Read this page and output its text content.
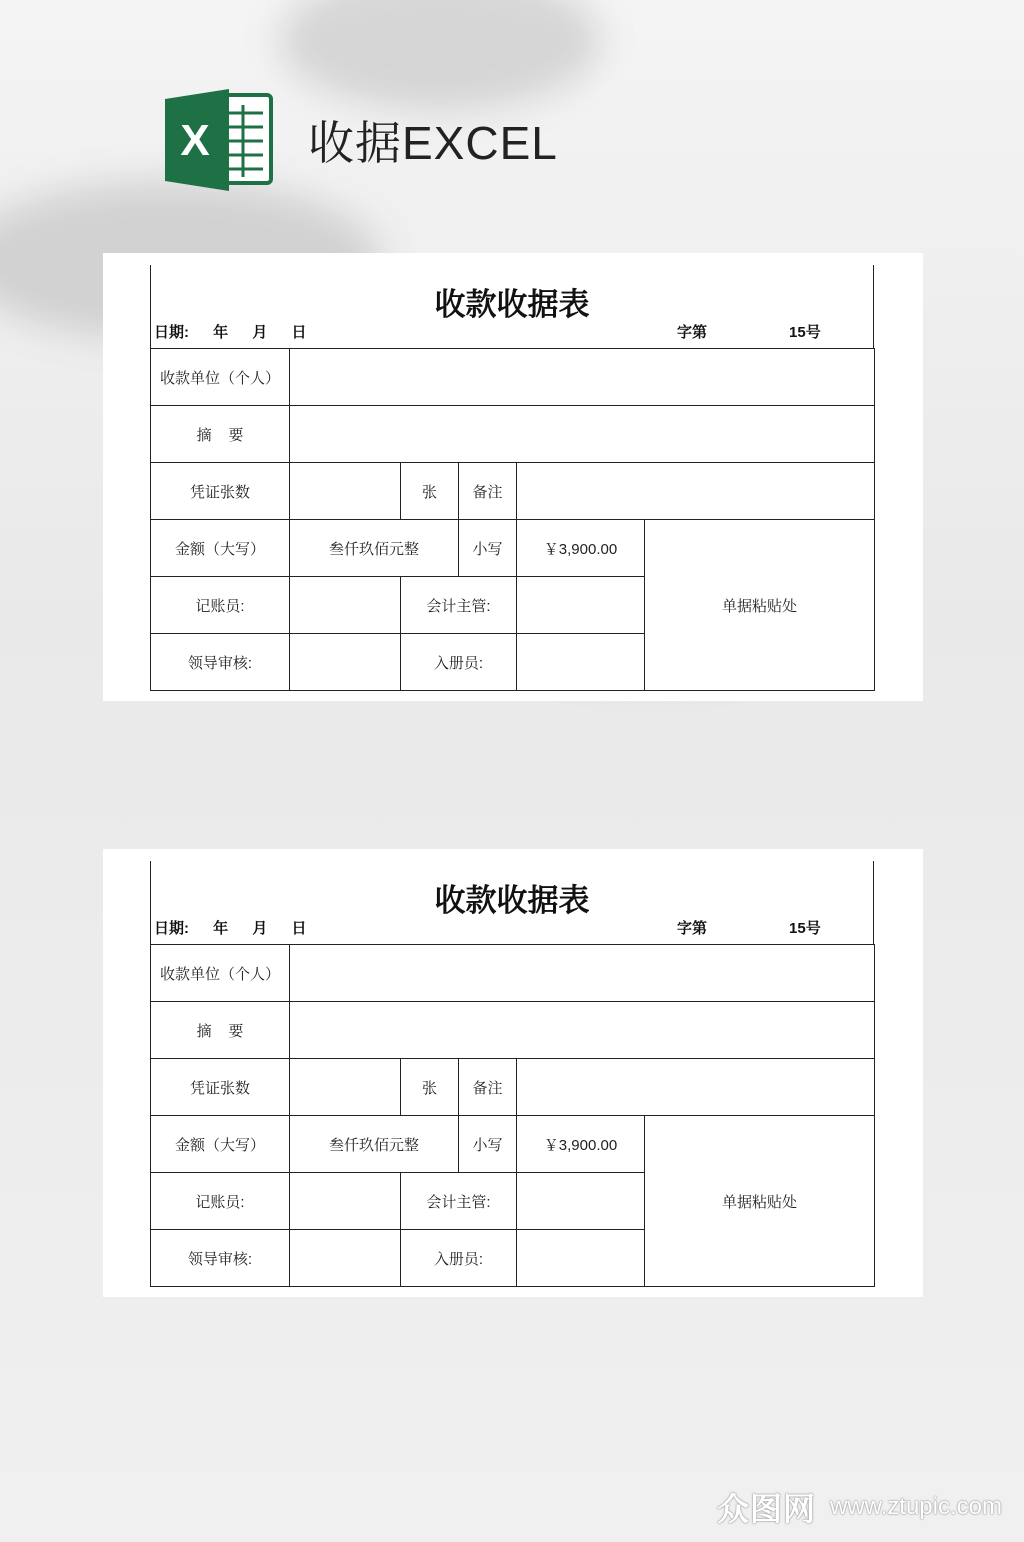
X 收据EXCEL
收款收据表
日期: 年 月 日	字第	15号
收款单位（个人）					
摘    要					
凭证张数		张	备注		
金额（大写）	叁仟玖佰元整		小写	￥3,900.00	单据粘贴处
记账员:		会计主管:			
领导审核:		入册员:			
收款收据表
日期: 年 月 日	字第	15号
收款单位（个人）					
摘    要					
凭证张数		张	备注		
金额（大写）	叁仟玖佰元整		小写	￥3,900.00	单据粘贴处
记账员:		会计主管:			
领导审核:		入册员:			
众图网 www.ztupic.com
